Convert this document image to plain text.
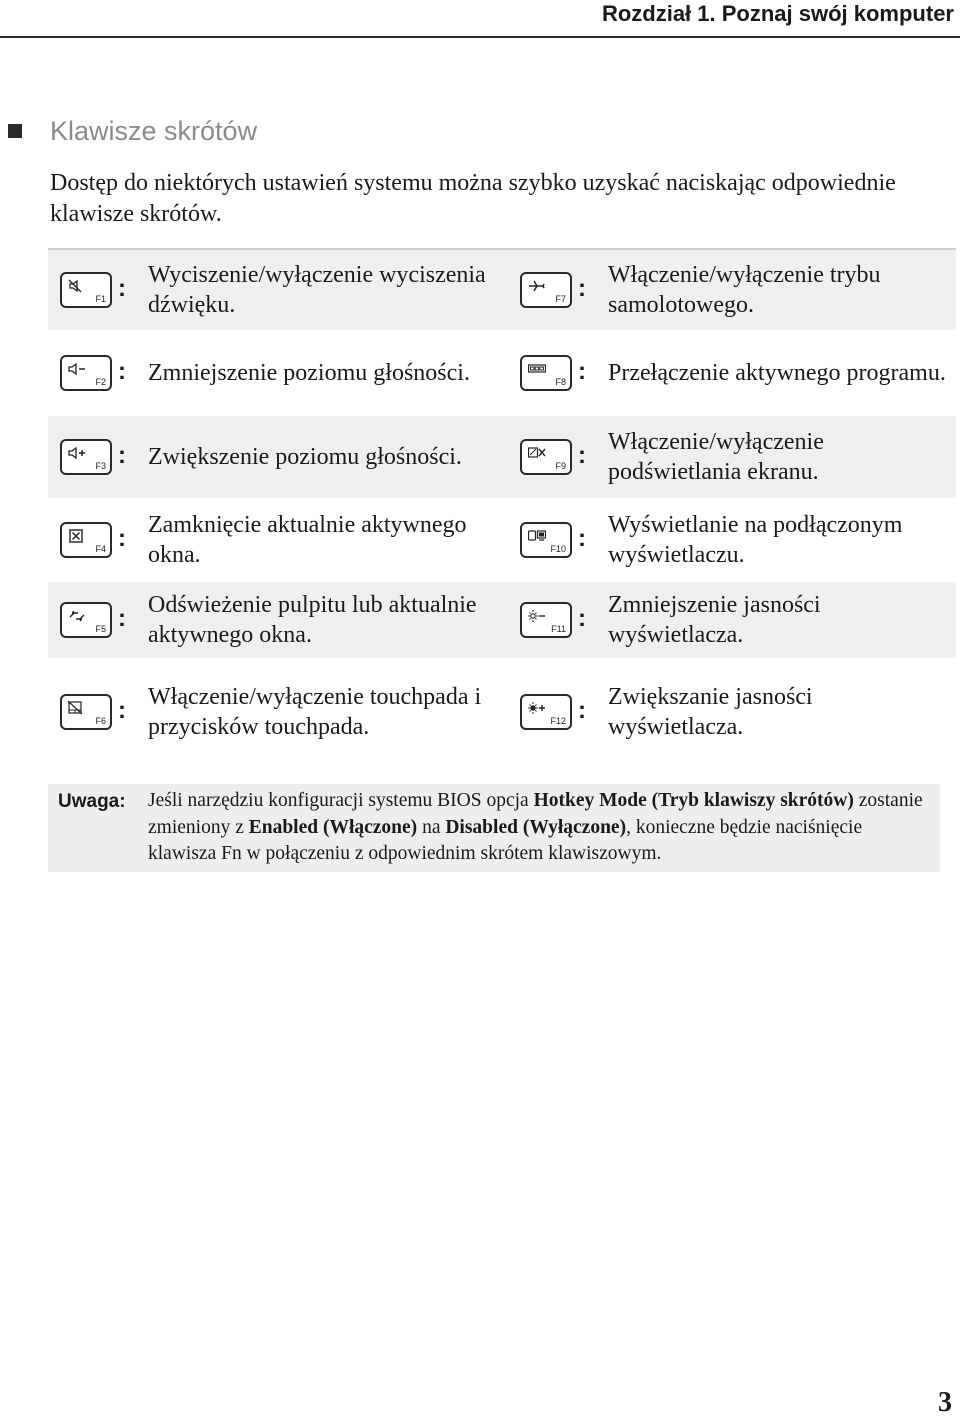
Rozdział 1. Poznaj swój komputer
Klawisze skrótów
Dostęp do niektórych ustawień systemu można szybko uzyskać naciskając odpowiednie klawisze skrótów.
F1 : Wyciszenie/wyłączenie wyciszenia dźwięku.	F7 : Włączenie/wyłączenie trybu samolotowego.
F2 : Zmniejszenie poziomu głośności.	F8 : Przełączenie aktywnego programu.
F3 : Zwiększenie poziomu głośności.	F9 : Włączenie/wyłączenie podświetlania ekranu.
F4 : Zamknięcie aktualnie aktywnego okna.	F10 : Wyświetlanie na podłączonym wyświetlaczu.
F5 : Odświeżenie pulpitu lub aktualnie aktywnego okna.	F11 : Zmniejszenie jasności wyświetlacza.
F6 : Włączenie/wyłączenie touchpada i przycisków touchpada.	F12 : Zwiększanie jasności wyświetlacza.
Uwaga: Jeśli narzędziu konfiguracji systemu BIOS opcja Hotkey Mode (Tryb klawiszy skrótów) zostanie zmieniony z Enabled (Włączone) na Disabled (Wyłączone), konieczne będzie naciśnięcie klawisza Fn w połączeniu z odpowiednim skrótem klawiszowym.
3
